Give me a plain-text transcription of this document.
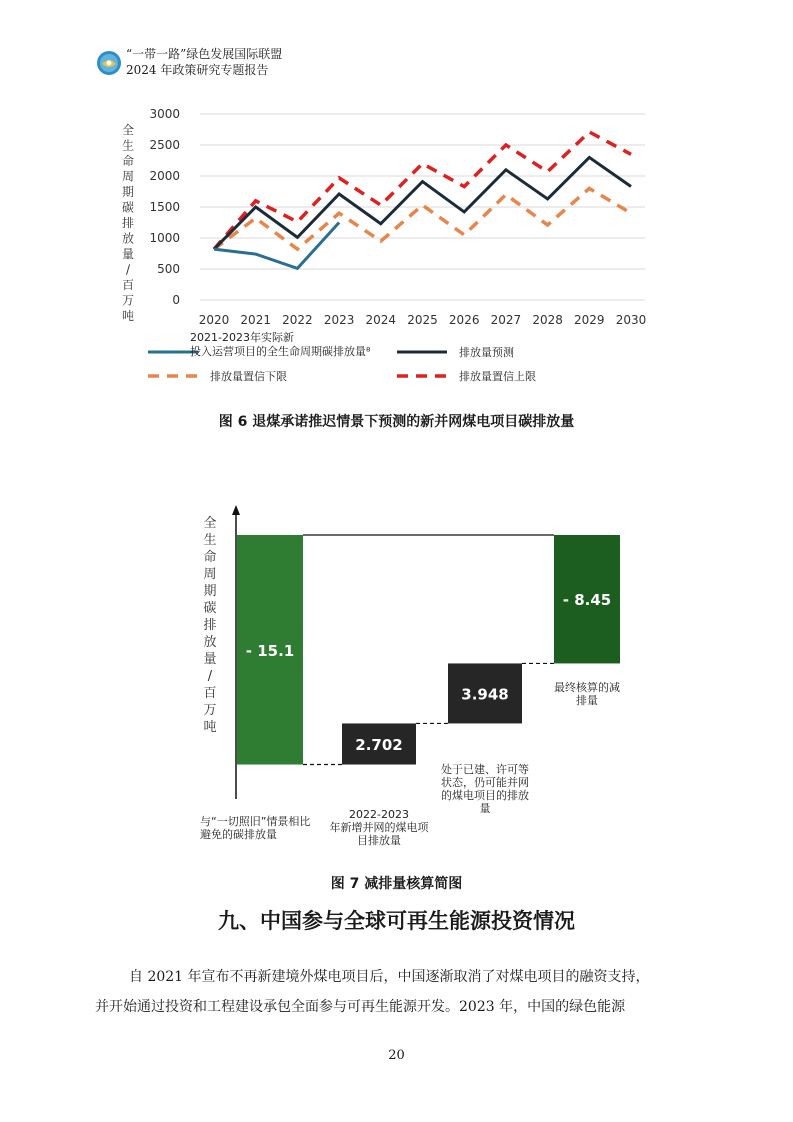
“一带一路”绿色发展国际联盟
2024 年政策研究专题报告
全
生
命
周
期
碳
排
放
量
/
百
万
吨
0
500
1000
1500
2000
2500
3000
2020 2021 2022 2023 2024 2025 2026 2027 2028 2029 2030
2021-2023年实际新
投入运营项目的全生命周期碳排放量⁸	排放量预测
排放量置信下限	排放量置信上限
图 6 退煤承诺推迟情景下预测的新并网煤电项目碳排放量
全
生
命
周
期
碳
排
放
量
/
百
万
吨
- 15.1
2.702
3.948
- 8.45
与“一切照旧”情景相比
避免的碳排放量
2022-2023
年新增并网的煤电项
目排放量
处于已建、许可等
状态，仍可能并网
的煤电项目的排放
量
最终核算的减
排量
图 7 减排量核算简图
九、中国参与全球可再生能源投资情况
自 2021 年宣布不再新建境外煤电项目后，中国逐渐取消了对煤电项目的融资支持，
并开始通过投资和工程建设承包全面参与可再生能源开发。2023 年，中国的绿色能源
20
